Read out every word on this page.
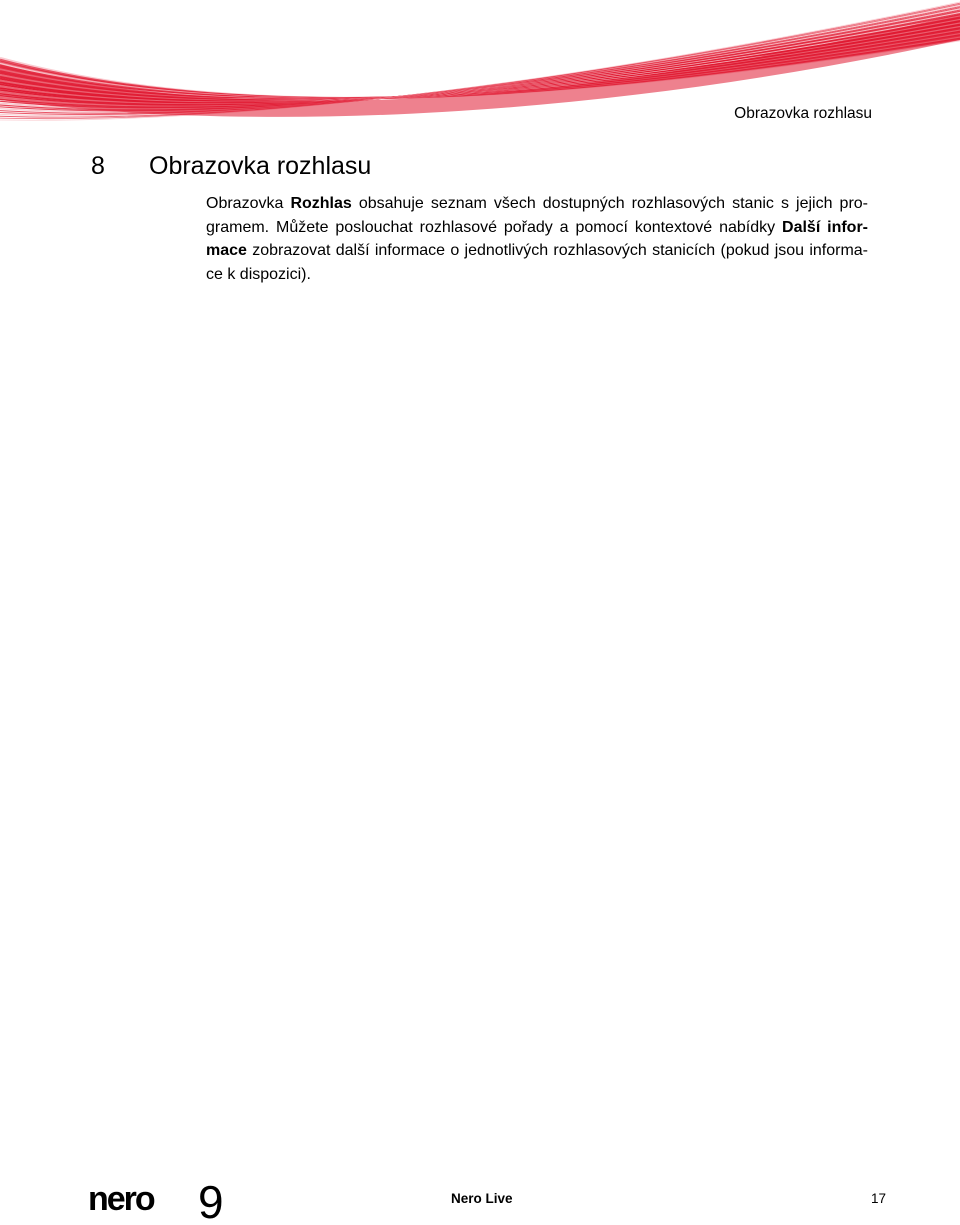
Obrazovka rozhlasu
8 Obrazovka rozhlasu
Obrazovka Rozhlas obsahuje seznam všech dostupných rozhlasových stanic s jejich pro-
gramem. Můžete poslouchat rozhlasové pořady a pomocí kontextové nabídky Další infor-
mace zobrazovat další informace o jednotlivých rozhlasových stanicích (pokud jsou informa-
ce k dispozici).
nero 9	Nero Live	17
